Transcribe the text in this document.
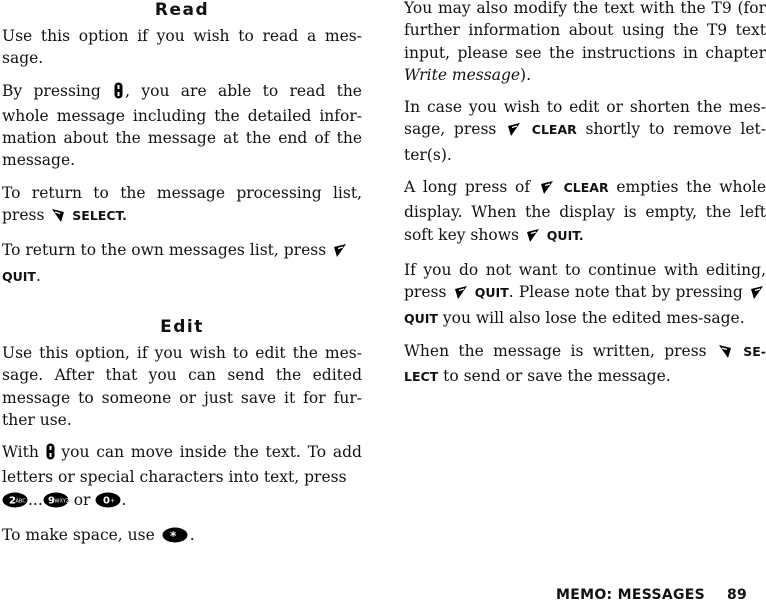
Read

Use this option if you wish to read a mes-sage.

By pressing , you are able to read the whole message including the detailed infor-mation about the message at the end of the message.

To return to the message processing list, press SELECT.

To return to the own messages list, press
QUIT.

Edit

Use this option, if you wish to edit the mes-sage. After that you can send the edited message to someone or just save it for fur-ther use.

With you can move inside the text. To add letters or special characters into text, press

2 ABC ... 9 WXYZ or 0 + .

To make space, use * .

You may also modify the text with the T9 (for further information about using the T9 text input, please see the instructions in chapter Write message).

In case you wish to edit or shorten the mes-sage, press	CLEAR shortly to remove let-ter(s).

A long press of	CLEAR empties the whole display. When the display is empty, the left soft key shows QUIT.

If you do not want to continue with editing, press QUIT. Please note that by pressing  QUIT you will also lose the edited mes-sage.

When the message is written, press	SE-LECT to send or save the message.

MEMO: MESSAGES 89
